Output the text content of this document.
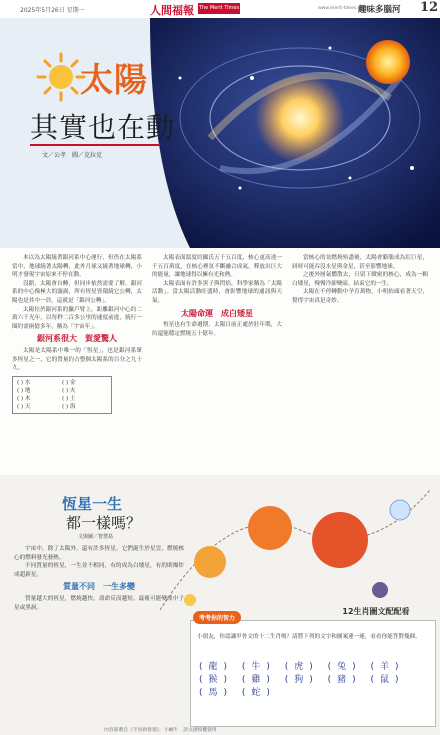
2025年5月26日 星期一	人間福報 The Merit Times	www.merit-times.com
趣味多腦河 12
太陽
其實也在動
文／公孝　圖／克拉克

本以為太陽繞著銀河系中心運行，但仍在太陽系當中，地球繞著太陽轉，此外月球又繞著地球轉，小明才發現宇宙原來不停在動。

沒錯，太陽會自轉，但同步依然需要了解。銀河系的中心像極大的漩渦，所有恆星皆環繞它公轉，太陽也是其中一員，這就是「銀河公轉」。

太陽位於銀河系的獵戶臂上，距離銀河中心約二萬六千光年，以每秒二百多公里的速度前進，繞行一圈約需兩億多年，稱為「宇宙年」。

銀河系很大　賀愛驚人

太陽是太陽系中唯一的「恆星」，也是銀河系眾多恆星之一，它的質量約占整個太陽系的百分之九十九。

( ) 水	( ) 金
( ) 地	( ) 火
( ) 木	( ) 土
( ) 天	( ) 海

太陽表面溫度約攝氏五千五百度，核心更高達一千五百萬度，在核心裡氫不斷融合成氦，釋放出巨大的能量，讓地球得以擁有光和熱。

太陽表面有許多黑子與閃焰，科學家稱為「太陽活動」。當太陽活動旺盛時，會影響地球的通訊與天氣。

太陽命運　成白矮星

恆星也有生命週期，太陽目前正處於壯年期，大約還能穩定燃燒五十億年。

當核心的氫燃燒殆盡後，太陽會膨脹成為紅巨星，屆時可能吞沒水星與金星，甚至影響地球。

之後外層氣體散去，只留下緻密的核心，成為一顆白矮星，慢慢冷卻變暗，結束它的一生。

太陽在不停轉動中孕育萬物，小明抬頭看著天空，覺得宇宙真是奇妙。

恆星一生
都一樣嗎？
文與圖／智慧島

宇宙中，除了太陽外，還有許多恆星。它們誕生於星雲，燃燒核心的燃料發光發熱。

不同質量的恆星，一生並不相同，有的成為白矮星，有的則爆炸成超新星。

質量不同　一生多變

質量越大的恆星，燃燒越快，壽命反而越短，最後可能變成中子星或黑洞。

考考你的智力
12生肖圖文配配看
小朋友，你認識甲骨文的十二生肖嗎？請將下列的文字和圖案連一連，看看你能答對幾個。
(龍) (牛) (虎) (兔) (羊) (猴) (雞) (狗) (豬) (鼠) (馬) (蛇)
內容節選自《宇宙新發現》，小蝸牛　請文創授權使用
